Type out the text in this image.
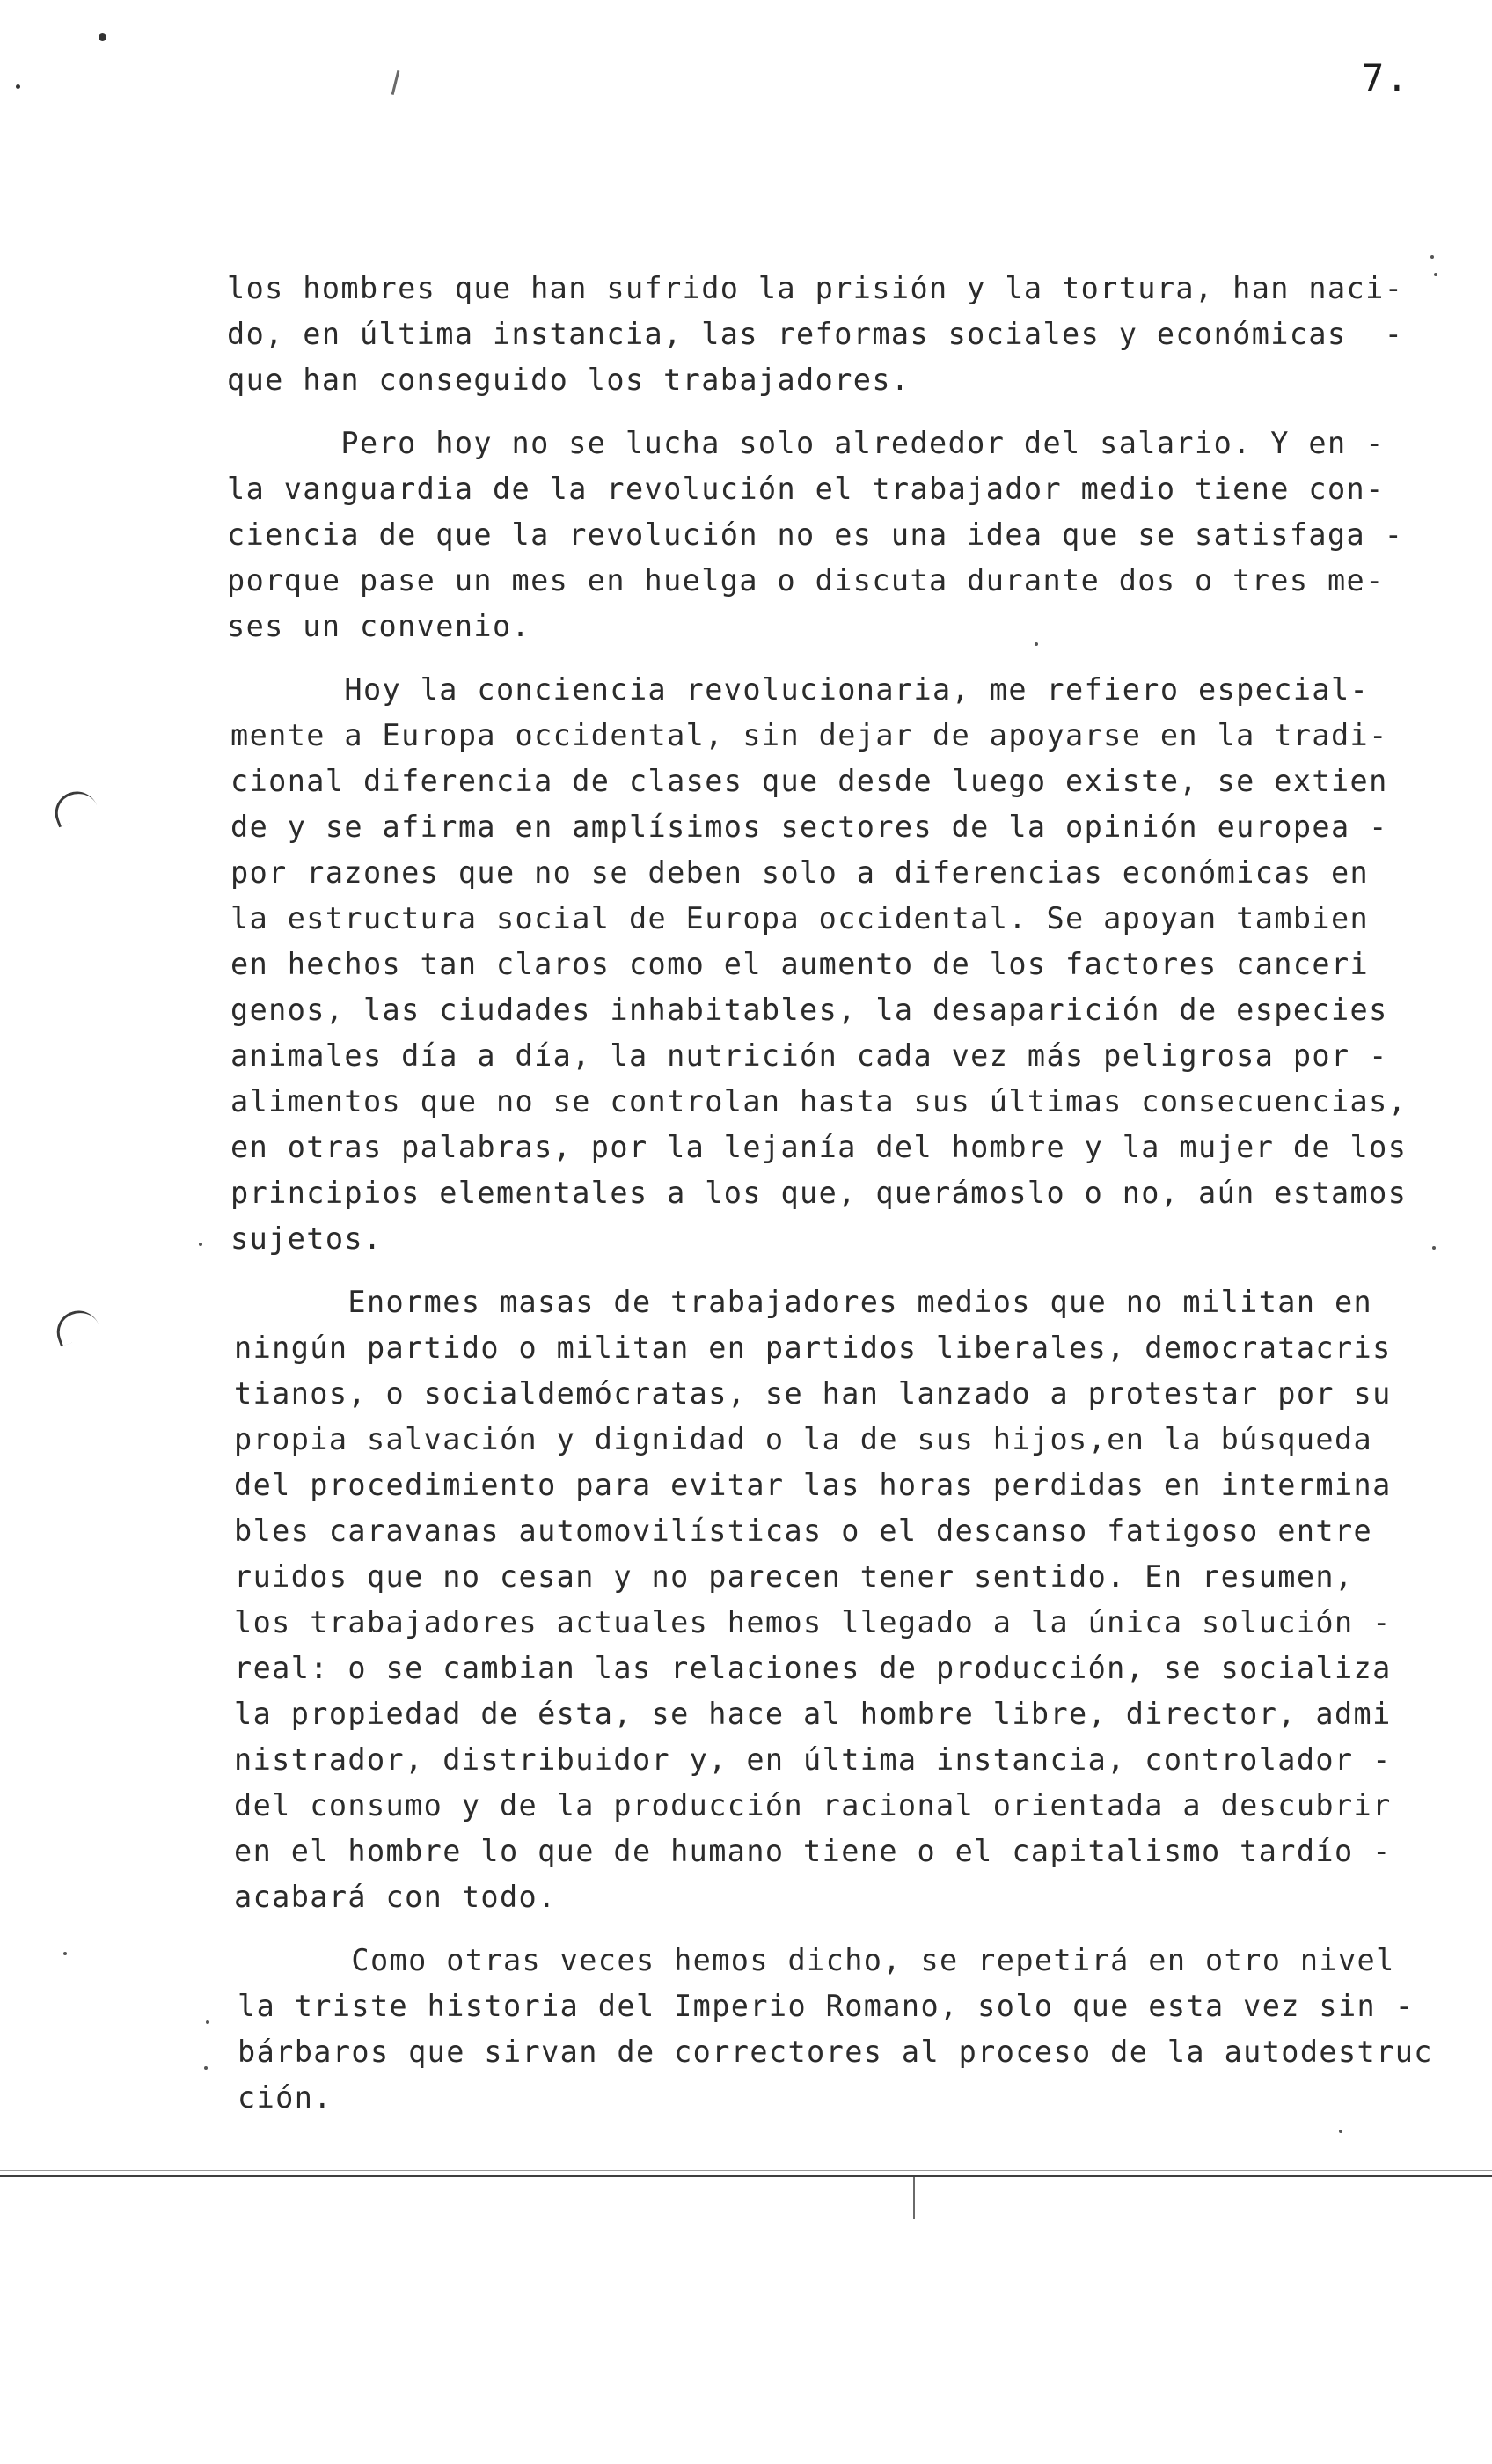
7.
los hombres que han sufrido la prisión y la tortura, han naci-
do, en última instancia, las reformas sociales y económicas  -
que han conseguido los trabajadores.
Pero hoy no se lucha solo alrededor del salario. Y en -
la vanguardia de la revolución el trabajador medio tiene con-
ciencia de que la revolución no es una idea que se satisfaga -
porque pase un mes en huelga o discuta durante dos o tres me-
ses un convenio.
Hoy la conciencia revolucionaria, me refiero especial-
mente a Europa occidental, sin dejar de apoyarse en la tradi-
cional diferencia de clases que desde luego existe, se extien
de y se afirma en amplísimos sectores de la opinión europea -
por razones que no se deben solo a diferencias económicas en
la estructura social de Europa occidental. Se apoyan tambien
en hechos tan claros como el aumento de los factores canceri
genos, las ciudades inhabitables, la desaparición de especies
animales día a día, la nutrición cada vez más peligrosa por -
alimentos que no se controlan hasta sus últimas consecuencias,
en otras palabras, por la lejanía del hombre y la mujer de los
principios elementales a los que, querámoslo o no, aún estamos
sujetos.
Enormes masas de trabajadores medios que no militan en
ningún partido o militan en partidos liberales, democratacris
tianos, o socialdemócratas, se han lanzado a protestar por su
propia salvación y dignidad o la de sus hijos,en la búsqueda
del procedimiento para evitar las horas perdidas en intermina
bles caravanas automovilísticas o el descanso fatigoso entre
ruidos que no cesan y no parecen tener sentido. En resumen,
los trabajadores actuales hemos llegado a la única solución -
real: o se cambian las relaciones de producción, se socializa
la propiedad de ésta, se hace al hombre libre, director, admi
nistrador, distribuidor y, en última instancia, controlador -
del consumo y de la producción racional orientada a descubrir
en el hombre lo que de humano tiene o el capitalismo tardío -
acabará con todo.
Como otras veces hemos dicho, se repetirá en otro nivel
la triste historia del Imperio Romano, solo que esta vez sin -
bárbaros que sirvan de correctores al proceso de la autodestruc
ción.
